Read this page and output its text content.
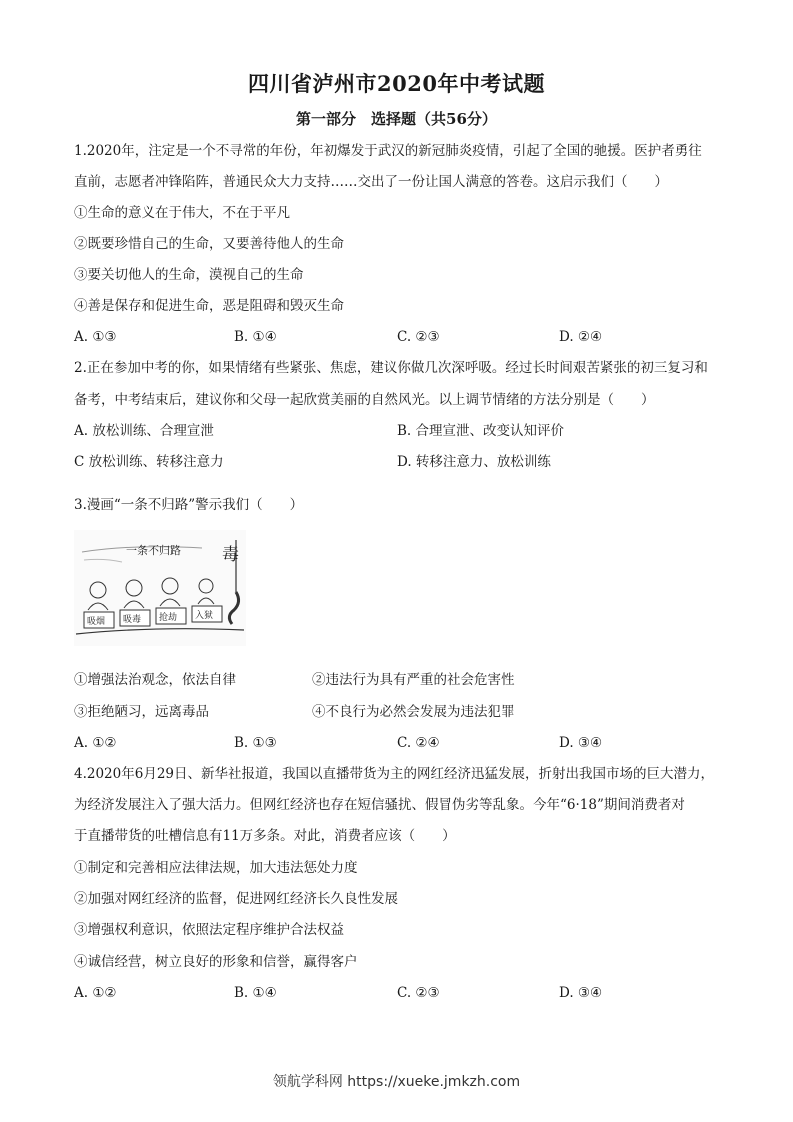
四川省泸州市2020年中考试题
第一部分　选择题（共56分）
1.2020年，注定是一个不寻常的年份，年初爆发于武汉的新冠肺炎疫情，引起了全国的驰援。医护者勇往
直前，志愿者冲锋陷阵，普通民众大力支持……交出了一份让国人满意的答卷。这启示我们（　　）
①生命的意义在于伟大，不在于平凡
②既要珍惜自己的生命，又要善待他人的生命
③要关切他人的生命，漠视自己的生命
④善是保存和促进生命，恶是阻碍和毁灭生命
A. ①③	B. ①④	C. ②③	D. ②④
2.正在参加中考的你，如果情绪有些紧张、焦虑，建议你做几次深呼吸。经过长时间艰苦紧张的初三复习和
备考，中考结束后，建议你和父母一起欣赏美丽的自然风光。以上调节情绪的方法分别是（　　）
A. 放松训练、合理宣泄	B. 合理宣泄、改变认知评价
C 放松训练、转移注意力	D. 转移注意力、放松训练
3.漫画“一条不归路”警示我们（　　）
一条不归路 毒
吸烟 吸毒 抢劫 入狱
①增强法治观念，依法自律	②违法行为具有严重的社会危害性
③拒绝陋习，远离毒品	④不良行为必然会发展为违法犯罪
A. ①②	B. ①③	C. ②④	D. ③④
4.2020年6月29日、新华社报道，我国以直播带货为主的网红经济迅猛发展，折射出我国市场的巨大潜力，
为经济发展注入了强大活力。但网红经济也存在短信骚扰、假冒伪劣等乱象。今年“6·18”期间消费者对
于直播带货的吐槽信息有11万多条。对此，消费者应该（　　）
①制定和完善相应法律法规，加大违法惩处力度
②加强对网红经济的监督，促进网红经济长久良性发展
③增强权利意识，依照法定程序维护合法权益
④诚信经营，树立良好的形象和信誉，赢得客户
A. ①②	B. ①④	C. ②③	D. ③④
领航学科网 https://xueke.jmkzh.com
